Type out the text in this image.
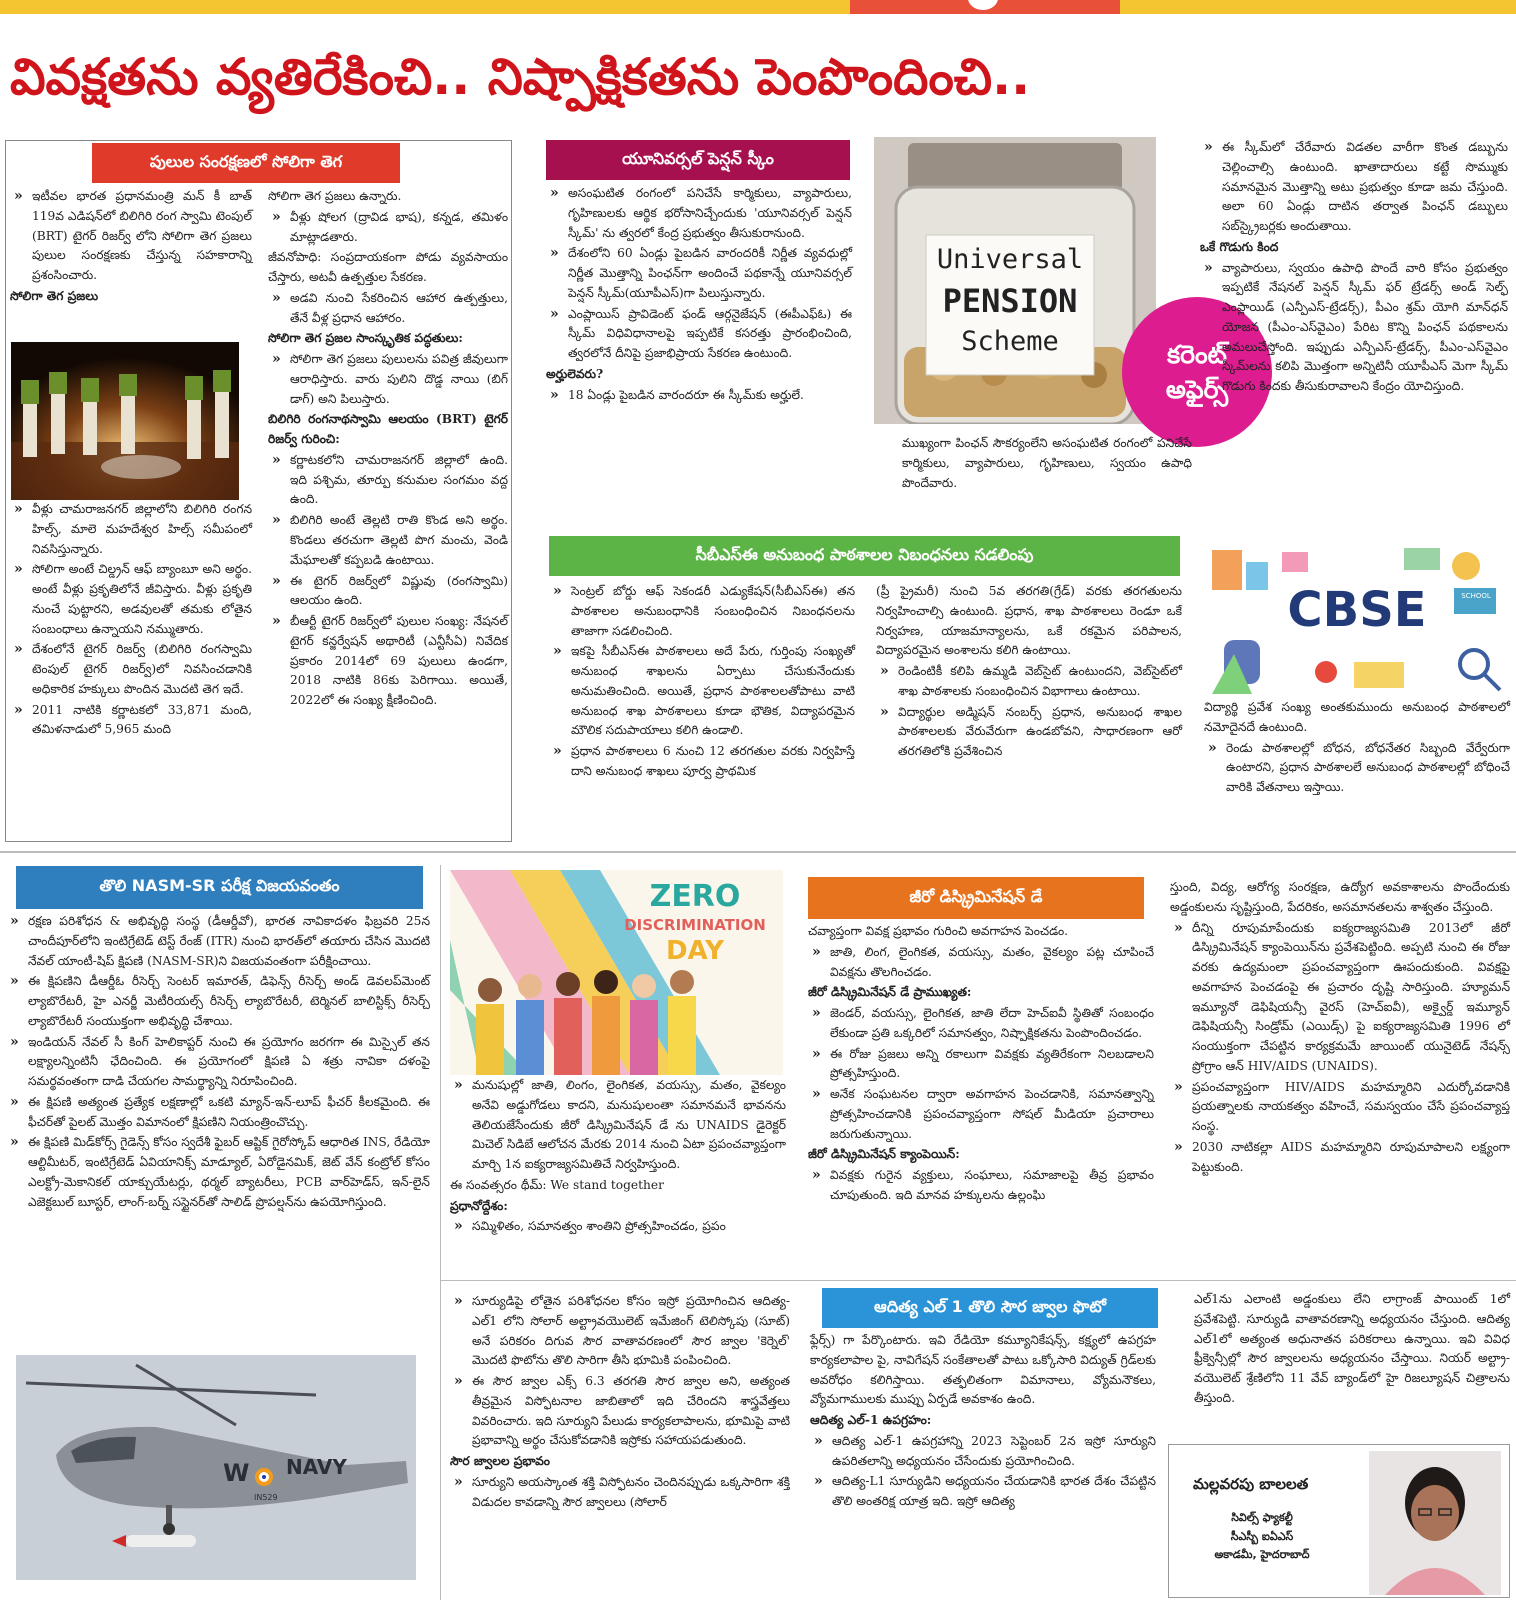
వివక్షతను వ్యతిరేకించి.. నిష్పాక్షికతను పెంపొందించి..
పులుల సంరక్షణలో సోలిగా తెగ

» ఇటీవల భారత ప్రధానమంత్రి మన్ కీ బాత్ 119వ ఎడిషన్‌లో బిలిగిరి రంగ స్వామి టెంపుల్ (BRT) టైగర్ రిజర్వ్ లోని సోలిగా తెగ ప్రజలు పులుల సంరక్షణకు చేస్తున్న సహకారాన్ని ప్రశంసించారు.

సోలిగా తెగ ప్రజలు

» వీళ్లు చామరాజనగర్ జిల్లాలోని బిలిగిరి రంగన హిల్స్, మాలె మహదేశ్వర హిల్స్ సమీపంలో నివసిస్తున్నారు.

» సోలిగా అంటే చిల్డ్రన్ ఆఫ్ బ్యాంబూ అని అర్థం. అంటే వీళ్లు ప్రకృతిలోనే జీవిస్తారు. వీళ్లు ప్రకృతి నుంచే పుట్టారని, అడవులతో తమకు లోతైన సంబంధాలు ఉన్నాయని నమ్ముతారు.

» దేశంలోనే టైగర్ రిజర్వ్ (బిలిగిరి రంగస్వామి టెంపుల్ టైగర్ రిజర్వ్)లో నివసించడానికి అధికారిక హక్కులు పొందిన మొదటి తెగ ఇదే.

» 2011 నాటికి కర్ణాటకలో 33,871 మంది, తమిళనాడులో 5,965 మంది

సోలిగా తెగ ప్రజలు ఉన్నారు.

» వీళ్లు షోలగ (ద్రావిడ భాష), కన్నడ, తమిళం మాట్లాడతారు.

జీవనోపాధి: సంప్రదాయకంగా పోడు వ్యవసాయం చేస్తారు, అటవీ ఉత్పత్తుల సేకరణ.

» అడవి నుంచి సేకరించిన ఆహార ఉత్పత్తులు, తేనే వీళ్ల ప్రధాన ఆహారం.

సోలిగా తెగ ప్రజల సాంస్కృతిక పద్ధతులు:

» సోలిగా తెగ ప్రజలు పులులను పవిత్ర జీవులుగా ఆరాధిస్తారు. వారు పులిని దొడ్డ నాయి (బిగ్ డాగ్) అని పిలుస్తారు.

బిలిగిరి రంగనాథస్వామి ఆలయం (BRT) టైగర్ రిజర్వ్ గురించి:

» కర్ణాటకలోని చామరాజనగర్ జిల్లాలో ఉంది. ఇది పశ్చిమ, తూర్పు కనుమల సంగమం వద్ద ఉంది.

» బిలిగిరి అంటే తెల్లటి రాతి కొండ అని అర్థం. కొండలు తరచుగా తెల్లటి పొగ మంచు, వెండి మేఘాలతో కప్పబడి ఉంటాయి.

» ఈ టైగర్ రిజర్వ్‌లో విష్ణువు (రంగస్వామి) ఆలయం ఉంది.

» బీఆర్టీ టైగర్ రిజర్వ్‌లో పులుల సంఖ్య: నేషనల్ టైగర్ కన్జర్వేషన్ అథారిటీ (ఎన్టీసీఏ) నివేదిక ప్రకారం 2014లో 69 పులులు ఉండగా, 2018 నాటికి 86కు పెరిగాయి. అయితే, 2022లో ఈ సంఖ్య క్షీణించింది.

యూనివర్సల్ పెన్షన్ స్కీం

» అసంఘటిత రంగంలో పనిచేసే కార్మికులు, వ్యాపారులు, గృహిణులకు ఆర్థిక భరోసానిచ్చేందుకు 'యూనివర్సల్ పెన్షన్ స్కీమ్' ను త్వరలో కేంద్ర ప్రభుత్వం తీసుకురానుంది.

» దేశంలోని 60 ఏండ్లు పైబడిన వారందరికీ నిర్ణీత వ్యవధుల్లో నిర్ణీత మొత్తాన్ని పింఛన్‌గా అందించే పథకాన్నే యూనివర్సల్ పెన్షన్ స్కీమ్(యూపీఎస్)గా పిలుస్తున్నారు.

» ఎంప్లాయిస్ ప్రావిడెంట్ ఫండ్ ఆర్గనైజేషన్ (ఈపీఎఫ్‌ఓ) ఈ స్కీమ్ విధివిధానాలపై ఇప్పటికే కసరత్తు ప్రారంభించింది, త్వరలోనే దీనిపై ప్రజాభిప్రాయ సేకరణ ఉంటుంది.

అర్హులెవరు?

» 18 ఏండ్లు పైబడిన వారందరూ ఈ స్కీమ్‌కు అర్హులే.

Universal
PENSION
Scheme	కరెంట్
అఫైర్స్

ముఖ్యంగా పింఛన్ సౌకర్యంలేని అసంఘటిత రంగంలో పనిచేసే కార్మికులు, వ్యాపారులు, గృహిణులు, స్వయం ఉపాధి పొందేవారు.

» ఈ స్కీమ్‌లో చేరేవారు విడతల వారీగా కొంత డబ్బును చెల్లించాల్సి ఉంటుంది. ఖాతాదారులు కట్టే సొమ్ముకు సమానమైన మొత్తాన్ని అటు ప్రభుత్వం కూడా జమ చేస్తుంది. అలా 60 ఏండ్లు దాటిన తర్వాత పింఛన్ డబ్బులు సబ్‌స్క్రైబర్లకు అందుతాయి.

ఒకే గొడుగు కింద

» వ్యాపారులు, స్వయం ఉపాధి పొందే వారి కోసం ప్రభుత్వం ఇప్పటికే నేషనల్ పెన్షన్ స్కీమ్ ఫర్ ట్రేడర్స్ అండ్ సెల్ఫ్ ఎంప్లాయిడ్ (ఎన్పీఎస్-ట్రేడర్స్), పీఎం శ్రమ్ యోగి మాన్‌ధన్ యోజన (పీఎం-ఎస్‌వైఎం) పేరిట కొన్ని పింఛన్ పథకాలను అమలుచేస్తోంది. ఇప్పుడు ఎన్పీఎస్-ట్రేడర్స్, పీఎం-ఎస్‌వైఎం స్కీమ్‌లను కలిపి మొత్తంగా అన్నిటినీ యూపీఎస్ మెగా స్కీమ్ గొడుగు కిందకు తీసుకురావాలని కేంద్రం యోచిస్తుంది.

సీబీఎస్ఈ అనుబంధ పాఠశాలల నిబంధనలు సడలింపు

» సెంట్రల్ బోర్డు ఆఫ్ సెకండరీ ఎడ్యుకేషన్(సీబీఎస్ఈ) తన పాఠశాలల అనుబంధానికి సంబంధించిన నిబంధనలను తాజాగా సడలించింది.

» ఇకపై సీబీఎస్ఈ పాఠశాలలు అదే పేరు, గుర్తింపు సంఖ్యతో అనుబంధ శాఖలను ఏర్పాటు చేసుకునేందుకు అనుమతించింది. అయితే, ప్రధాన పాఠశాలలతోపాటు వాటి అనుబంధ శాఖ పాఠశాలలు కూడా భౌతిక, విద్యాపరమైన మౌలిక సదుపాయాలు కలిగి ఉండాలి.

» ప్రధాన పాఠశాలలు 6 నుంచి 12 తరగతుల వరకు నిర్వహిస్తే దాని అనుబంధ శాఖలు పూర్వ ప్రాథమిక

(ప్రీ ప్రైమరీ) నుంచి 5వ తరగతి(గ్రేడ్) వరకు తరగతులను నిర్వహించాల్సి ఉంటుంది. ప్రధాన, శాఖ పాఠశాలలు రెండూ ఒకే నిర్వహణ, యాజమాన్యాలను, ఒకే రకమైన పరిపాలన, విద్యాపరమైన అంశాలను కలిగి ఉంటాయి.

» రెండింటికీ కలిపి ఉమ్మడి వెబ్‌సైట్ ఉంటుందని, వెబ్‌సైట్‌లో శాఖ పాఠశాలకు సంబంధించిన విభాగాలు ఉంటాయి.

» విద్యార్థుల అడ్మిషన్ నంబర్స్ ప్రధాన, అనుబంధ శాఖల పాఠశాలలకు వేరువేరుగా ఉండబోవని, సాధారణంగా ఆరో తరగతిలోకి ప్రవేశించిన

CBSE	SCHOOL

విద్యార్థి ప్రవేశ సంఖ్య అంతకుముందు అనుబంధ పాఠశాలలో నమోదైనదే ఉంటుంది.

» రెండు పాఠశాలల్లో బోధన, బోధనేతర సిబ్బంది వేర్వేరుగా ఉంటారని, ప్రధాన పాఠశాలలే అనుబంధ పాఠశాలల్లో బోధించే వారికి వేతనాలు ఇస్తాయి.

తొలి NASM-SR పరీక్ష విజయవంతం

» రక్షణ పరిశోధన & అభివృద్ధి సంస్థ (డీఆర్డీవో), భారత నావికాదళం ఫిబ్రవరి 25న చాందీపూర్‌లోని ఇంటిగ్రేటెడ్ టెస్ట్ రేంజ్ (ITR) నుంచి భారత్‌లో తయారు చేసిన మొదటి నేవల్ యాంటీ-షిప్ క్షిపణి (NASM-SR)ని విజయవంతంగా పరీక్షించాయి.

» ఈ క్షిపణిని డీఆర్డీఓ రీసెర్చ్ సెంటర్ ఇమారత్, డిఫెన్స్ రీసెర్చ్ అండ్ డెవలప్‌మెంట్ ల్యాబొరేటరీ, హై ఎనర్జీ మెటీరియల్స్ రీసెర్చ్ ల్యాబొరేటరీ, టెర్మినల్ బాలిస్టిక్స్ రీసెర్చ్ ల్యాబొరేటరీ సంయుక్తంగా అభివృద్ధి చేశాయి.

» ఇండియన్ నేవల్ సీ కింగ్ హెలికాప్టర్ నుంచి ఈ ప్రయోగం జరగగా ఈ మిస్సైల్ తన లక్ష్యాలన్నింటినీ ఛేదించింది. ఈ ప్రయోగంలో క్షిపణి ఏ శత్రు నావికా దళంపై సమర్థవంతంగా దాడి చేయగల సామర్థ్యాన్ని నిరూపించింది.

» ఈ క్షిపణి అత్యంత ప్రత్యేక లక్షణాల్లో ఒకటి మ్యాన్-ఇన్-లూప్ ఫీచర్ కీలకమైంది. ఈ ఫీచర్‌తో పైలట్ మొత్తం విమానంలో క్షిపణిని నియంత్రించొచ్చు.

» ఈ క్షిపణి మిడ్‌కోర్స్ గైడెన్స్ కోసం స్వదేశీ ఫైబర్ ఆప్టిక్ గైరోస్కోప్ ఆధారిత INS, రేడియో ఆల్టిమీటర్, ఇంటిగ్రేటెడ్ ఏవియానిక్స్ మాడ్యూల్, ఏరోడైనమిక్, జెట్ వేన్ కంట్రోల్ కోసం ఎలక్ట్రో-మెకానికల్ యాక్చుయేటర్లు, థర్మల్ బ్యాటరీలు, PCB వార్‌హెడ్‌స్, ఇన్-లైన్ ఎజెక్టబుల్ బూస్టర్, లాంగ్-బర్న్ సస్టైనర్‌తో సాలిడ్ ప్రొపల్షన్‌ను ఉపయోగిస్తుంది.

NAVY
W
IN529
ZERO
DISCRIMINATION
DAY

» మనుషుల్లో జాతి, లింగం, లైంగికత, వయస్సు, మతం, వైకల్యం అనేవి అడ్డుగోడలు కాదని, మనుషులంతా సమానమనే భావనను తెలియజేసేందుకు జీరో డిస్క్రిమినేషన్ డే ను UNAIDS డైరెక్టర్ మిచెల్ సిడిబే ఆలోచన మేరకు 2014 నుంచి ఏటా ప్రపంచవ్యాప్తంగా మార్చి 1న ఐక్యరాజ్యసమితిచే నిర్వహిస్తుంది.

ఈ సంవత్సరం థీమ్: We stand together

ప్రధానోద్దేశం:

» సమ్మిళితం, సమానత్వం శాంతిని ప్రోత్సహించడం, ప్రపం

జీరో డిస్క్రిమినేషన్ డే

చవ్యాప్తంగా వివక్ష ప్రభావం గురించి అవగాహన పెంచడం.

» జాతి, లింగ, లైంగికత, వయస్సు, మతం, వైకల్యం పట్ల చూపించే వివక్షను తొలగించడం.

జీరో డిస్క్రిమినేషన్ డే ప్రాముఖ్యత:

» జెండర్, వయస్సు, లైంగికత, జాతి లేదా హెచ్‌ఐవీ స్థితితో సంబంధం లేకుండా ప్రతి ఒక్కరిలో సమానత్వం, నిష్పాక్షికతను పెంపొందించడం.

» ఈ రోజు ప్రజలు అన్ని రకాలుగా వివక్షకు వ్యతిరేకంగా నిలబడాలని ప్రోత్సహిస్తుంది.

» అనేక సంఘటనల ద్వారా అవగాహన పెంచడానికి, సమానత్వాన్ని ప్రోత్సహించడానికి ప్రపంచవ్యాప్తంగా సోషల్ మీడియా ప్రచారాలు జరుగుతున్నాయి.

జీరో డిస్క్రిమినేషన్ క్యాంపెయిన్:

» వివక్షకు గురైన వ్యక్తులు, సంఘాలు, సమాజాలపై తీవ్ర ప్రభావం చూపుతుంది. ఇది మానవ హక్కులను ఉల్లంఘి

స్తుంది, విద్య, ఆరోగ్య సంరక్షణ, ఉద్యోగ అవకాశాలను పొందేందుకు అడ్డంకులను సృష్టిస్తుంది, పేదరికం, అసమానతలను శాశ్వతం చేస్తుంది.

» దీన్ని రూపుమాపేందుకు ఐక్యరాజ్యసమితి 2013లో జీరో డిస్క్రిమినేషన్ క్యాంపెయిన్‌ను ప్రవేశపెట్టింది. అప్పటి నుంచి ఈ రోజు వరకు ఉద్యమంలా ప్రపంచవ్యాప్తంగా ఊపందుకుంది. వివక్షపై అవగాహన పెంచడంపై ఈ ప్రచారం దృష్టి సారిస్తుంది. హ్యూమన్ ఇమ్యూనో డెఫిషియన్సీ వైరస్ (హెచ్‌ఐవీ), అక్వైర్డ్ ఇమ్యూన్ డెఫిషియన్సీ సిండ్రోమ్ (ఎయిడ్స్) పై ఐక్యరాజ్యసమితి 1996 లో సంయుక్తంగా చేపట్టిన కార్యక్రమమే జాయింట్ యునైటెడ్ నేషన్స్ ప్రోగ్రాం ఆన్ HIV/AIDS (UNAIDS).

» ప్రపంచవ్యాప్తంగా HIV/AIDS మహమ్మారిని ఎదుర్కోవడానికి ప్రయత్నాలకు నాయకత్వం వహించే, సమస్వయం చేసే ప్రపంచవ్యాప్త సంస్థ.

» 2030 నాటికల్లా AIDS మహమ్మారిని రూపుమాపాలని లక్ష్యంగా పెట్టుకుంది.

» సూర్యుడిపై లోతైన పరిశోధనల కోసం ఇస్రో ప్రయోగించిన ఆదిత్య-ఎల్1 లోని సోలార్ అల్ట్రావయొలెట్ ఇమేజింగ్ టెలిస్కోపు (సూట్) అనే పరికరం దిగువ సౌర వాతావరణంలో సౌర జ్వాల 'కెర్నెల్' మొదటి ఫొటోను తొలి సారిగా తీసి భూమికి పంపించింది.

» ఈ సౌర జ్వాల ఎక్స్ 6.3 తరగతి సౌర జ్వాల అని, అత్యంత తీవ్రమైన విస్ఫోటనాల జాబితాలో ఇది చేరిందని శాస్త్రవేత్తలు వివరించారు. ఇది సూర్యుని పేలుడు కార్యకలాపాలను, భూమిపై వాటి ప్రభావాన్ని అర్థం చేసుకోవడానికి ఇస్రోకు సహాయపడుతుంది.

సౌర జ్వాలల ప్రభావం

» సూర్యుని అయస్కాంత శక్తి విస్ఫోటనం చెందినప్పుడు ఒక్కసారిగా శక్తి విడుదల కావడాన్ని సౌర జ్వాలలు (సోలార్

ఆదిత్య ఎల్ 1 తొలి సౌర జ్వాల ఫొటో

ఫ్లేర్స్) గా పేర్కొంటారు. ఇవి రేడియో కమ్యూనికేషన్స్, కక్ష్యలో ఉపగ్రహ కార్యకలాపాల పై, నావిగేషన్ సంకేతాలతో పాటు ఒక్కోసారి విద్యుత్ గ్రిడ్‌లకు అవరోధం కలిగిస్తాయి. తత్ఫలితంగా విమానాలు, వ్యోమనౌకలు, వ్యోమగాములకు ముప్పు ఏర్పడే అవకాశం ఉంది.

ఆదిత్య ఎల్-1 ఉపగ్రహం:

» ఆదిత్య ఎల్-1 ఉపగ్రహాన్ని 2023 సెప్టెంబర్ 2న ఇస్రో సూర్యుని ఉపరితలాన్ని అధ్యయనం చేసేందుకు ప్రయోగించింది.

» ఆదిత్య-L1 సూర్యుడిని అధ్యయనం చేయడానికి భారత దేశం చేపట్టిన తొలి అంతరిక్ష యాత్ర ఇది. ఇస్రో ఆదిత్య

ఎల్1ను ఎలాంటి అడ్డంకులు లేని లాగ్రాంజ్ పాయింట్ 1లో ప్రవేశపెట్టి. సూర్యుడి వాతావరణాన్ని అధ్యయనం చేస్తుంది. ఆదిత్య ఎల్1లో అత్యంత అధునాతన పరికరాలు ఉన్నాయి. ఇవి వివిధ ఫ్రీక్వెన్సీల్లో సౌర జ్వాలలను అధ్యయనం చేస్తాయి. నియర్ అల్ట్రా-వయొలెట్ శ్రేణిలోని 11 వేవ్ బ్యాండ్‌లో హై రిజల్యూషన్ చిత్రాలను తీస్తుంది.

మల్లవరపు బాలలత
సివిల్స్ ఫ్యాకల్టీ
సీఎస్బీ ఐఏఎస్
అకాడమీ, హైదరాబాద్
